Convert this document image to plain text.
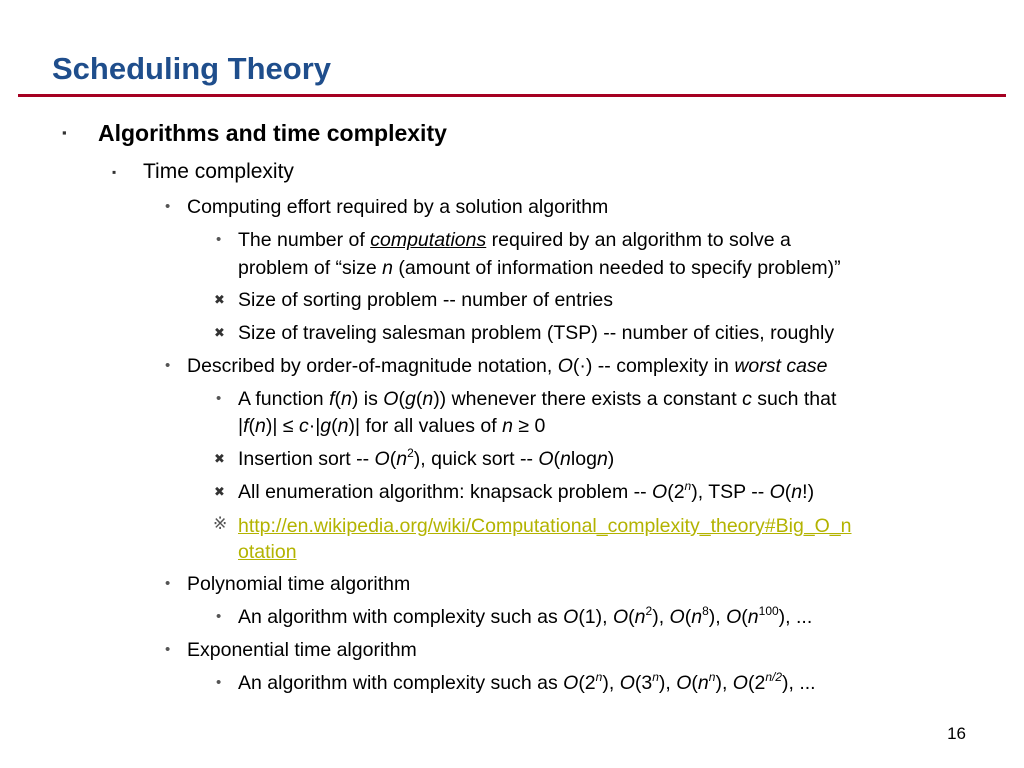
Scheduling Theory
▪ Algorithms and time complexity
▪ Time complexity
• Computing effort required by a solution algorithm
• The number of computations required by an algorithm to solve a
problem of “size n (amount of information needed to specify problem)”
✖ Size of sorting problem -- number of entries
✖ Size of traveling salesman problem (TSP) -- number of cities, roughly
• Described by order-of-magnitude notation, O(·) -- complexity in worst case
• A function f(n) is O(g(n)) whenever there exists a constant c such that
|f(n)| ≤ c·|g(n)| for all values of n ≥ 0
✖ Insertion sort -- $O(n^2)$, quick sort -- O(nlogn)
✖ All enumeration algorithm: knapsack problem -- O(2$^n$), TSP -- O(n!)
※ http://en.wikipedia.org/wiki/Computational_complexity_theory#Big_O_n
otation
• Polynomial time algorithm
• An algorithm with complexity such as O(1), $O(n^2)$, $O(n^8)$, $O(n^{100})$, ...
• Exponential time algorithm
• An algorithm with complexity such as O(2$^n$), O(3$^n$), $O(n^n)$, $O(2^{n/2})$, ...
16
